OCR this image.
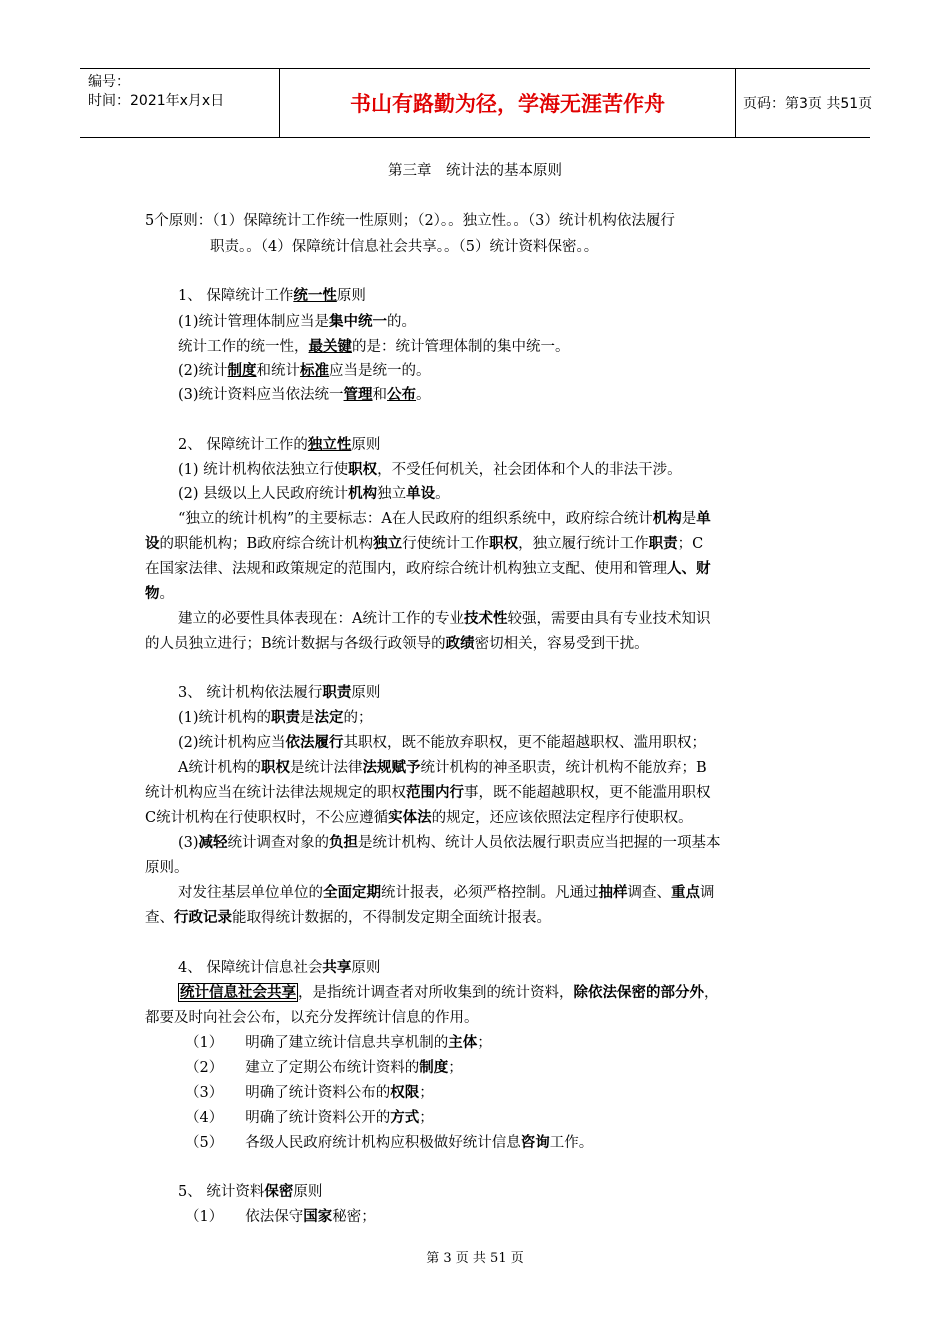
编号：
时间：2021年x月x日	书山有路勤为径，学海无涯苦作舟	页码：第3页 共51页
第三章　统计法的基本原则
5个原则：（1）保障统计工作统一性原则；（2）。。独立性。。（3）统计机构依法履行
职责。。（4）保障统计信息社会共享。。（5）统计资料保密。。
1、 保障统计工作统一性原则
(1)统计管理体制应当是集中统一的。
统计工作的统一性，最关键的是：统计管理体制的集中统一。
(2)统计制度和统计标准应当是统一的。
(3)统计资料应当依法统一管理和公布。
2、 保障统计工作的独立性原则
(1) 统计机构依法独立行使职权，不受任何机关，社会团体和个人的非法干涉。
(2) 县级以上人民政府统计机构独立单设。
“独立的统计机构”的主要标志：A在人民政府的组织系统中，政府综合统计机构是单
设的职能机构；B政府综合统计机构独立行使统计工作职权，独立履行统计工作职责；C
在国家法律、法规和政策规定的范围内，政府综合统计机构独立支配、使用和管理人、财
物。
建立的必要性具体表现在：A统计工作的专业技术性较强，需要由具有专业技术知识
的人员独立进行；B统计数据与各级行政领导的政绩密切相关，容易受到干扰。
3、 统计机构依法履行职责原则
(1)统计机构的职责是法定的；
(2)统计机构应当依法履行其职权，既不能放弃职权，更不能超越职权、滥用职权；
A统计机构的职权是统计法律法规赋予统计机构的神圣职责，统计机构不能放弃；B
统计机构应当在统计法律法规规定的职权范围内行事，既不能超越职权，更不能滥用职权
C统计机构在行使职权时，不公应遵循实体法的规定，还应该依照法定程序行使职权。
(3)减轻统计调查对象的负担是统计机构、统计人员依法履行职责应当把握的一项基本
原则。
对发往基层单位单位的全面定期统计报表，必须严格控制。凡通过抽样调查、重点调
查、行政记录能取得统计数据的，不得制发定期全面统计报表。
4、 保障统计信息社会共享原则
统计信息社会共享 ，是指统计调查者对所收集到的统计资料，除依法保密的部分外，
都要及时向社会公布，以充分发挥统计信息的作用。
（1） 明确了建立统计信息共享机制的主体；
（2） 建立了定期公布统计资料的制度；
（3） 明确了统计资料公布的权限；
（4） 明确了统计资料公开的方式；
（5） 各级人民政府统计机构应积极做好统计信息咨询工作。
5、 统计资料保密原则
（1） 依法保守国家秘密；
第 3 页 共 51 页
